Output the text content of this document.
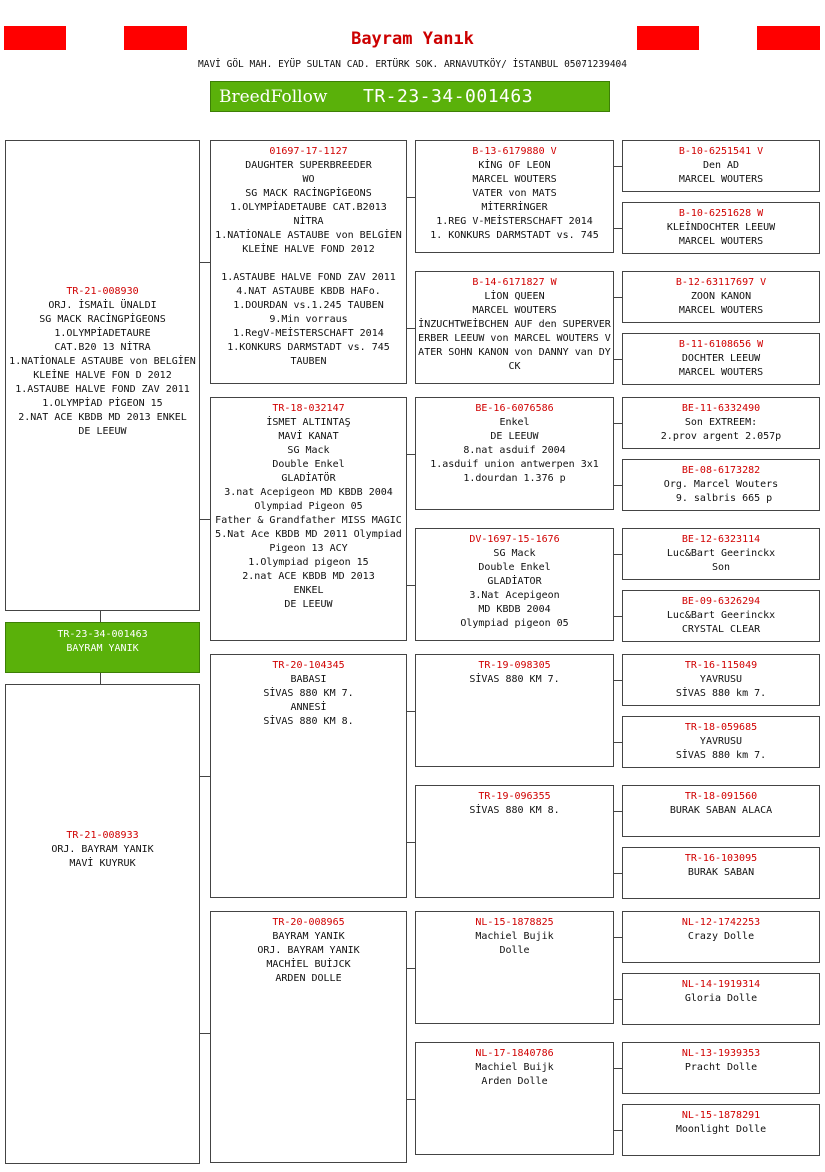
Bayram Yanık
MAVİ GÖL MAH. EYÜP SULTAN CAD. ERTÜRK SOK. ARNAVUTKÖY/ İSTANBUL 05071239404
BreedFollow TR-23-34-001463
TR-21-008930
ORJ. İSMAİL ÜNALDI
SG MACK RACİNGPİGEONS
1.OLYMPİADETAURE
CAT.B20 13 NİTRA
1.NATİONALE ASTAUBE von BELGİEN KLEİNE HALVE FON D 2012
1.ASTAUBE HALVE FOND ZAV 2011
1.OLYMPİAD PİGEON 15
2.NAT ACE KBDB MD 2013 ENKEL
DE LEEUW
TR-23-34-001463
BAYRAM YANIK
TR-21-008933
ORJ. BAYRAM YANIK
MAVİ KUYRUK
01697-17-1127
DAUGHTER SUPERBREEDER
WO
SG MACK RACİNGPİGEONS
1.OLYMPİADETAUBE CAT.B2013
NİTRA
1.NATİONALE ASTAUBE von BELGİEN KLEİNE HALVE FOND 2012

1.ASTAUBE HALVE FOND ZAV 2011
4.NAT ASTAUBE KBDB HAFo.
1.DOURDAN vs.1.245 TAUBEN
9.Min vorraus
1.RegV-MEİSTERSCHAFT 2014
1.KONKURS DARMSTADT vs. 745
TAUBEN
TR-18-032147
İSMET ALTINTAŞ
MAVİ KANAT
SG Mack
Double Enkel
GLADİATÖR
3.nat Acepigeon MD KBDB 2004
Olympiad Pigeon 05
Father & Grandfather MISS MAGIC
5.Nat Ace KBDB MD 2011 Olympiad Pigeon 13 ACY
1.Olympiad pigeon 15
2.nat ACE KBDB MD 2013
ENKEL
DE LEEUW
TR-20-104345
BABASI
SİVAS 880 KM 7.
ANNESİ
SİVAS 880 KM 8.
TR-20-008965
BAYRAM YANIK
ORJ. BAYRAM YANIK
MACHİEL BUİJCK
ARDEN DOLLE
B-13-6179880 V
KİNG OF LEON
MARCEL WOUTERS
VATER von MATS
MİTERRİNGER
1.REG V-MEİSTERSCHAFT 2014
1. KONKURS DARMSTADT vs. 745
B-14-6171827 W
LİON QUEEN
MARCEL WOUTERS
İNZUCHTWEİBCHEN AUF den SUPERVERERBER LEEUW von MARCEL WOUTERS VATER SOHN KANON von DANNY van DYCK
BE-16-6076586
Enkel
DE LEEUW
8.nat asduif 2004
1.asduif union antwerpen 3x1
1.dourdan 1.376 p
DV-1697-15-1676
SG Mack
Double Enkel
GLADİATOR
3.Nat Acepigeon
MD KBDB 2004
Olympiad pigeon 05
TR-19-098305
SİVAS 880 KM 7.
TR-19-096355
SİVAS 880 KM 8.
NL-15-1878825
Machiel Bujik
Dolle
NL-17-1840786
Machiel Buijk
Arden Dolle
B-10-6251541 V
Den AD
MARCEL WOUTERS
B-10-6251628 W
KLEİNDOCHTER LEEUW
MARCEL WOUTERS
B-12-63117697 V
ZOON KANON
MARCEL WOUTERS
B-11-6108656 W
DOCHTER LEEUW
MARCEL WOUTERS
BE-11-6332490
Son EXTREEM:
2.prov argent 2.057p
BE-08-6173282
Org. Marcel Wouters
9. salbris 665 p
BE-12-6323114
Luc&Bart Geerinckx
Son
BE-09-6326294
Luc&Bart Geerinckx
CRYSTAL CLEAR
TR-16-115049
YAVRUSU
SİVAS 880 km 7.
TR-18-059685
YAVRUSU
SİVAS 880 km 7.
TR-18-091560
BURAK SABAN ALACA
TR-16-103095
BURAK SABAN
NL-12-1742253
Crazy Dolle
NL-14-1919314
Gloria Dolle
NL-13-1939353
Pracht Dolle
NL-15-1878291
Moonlight Dolle
